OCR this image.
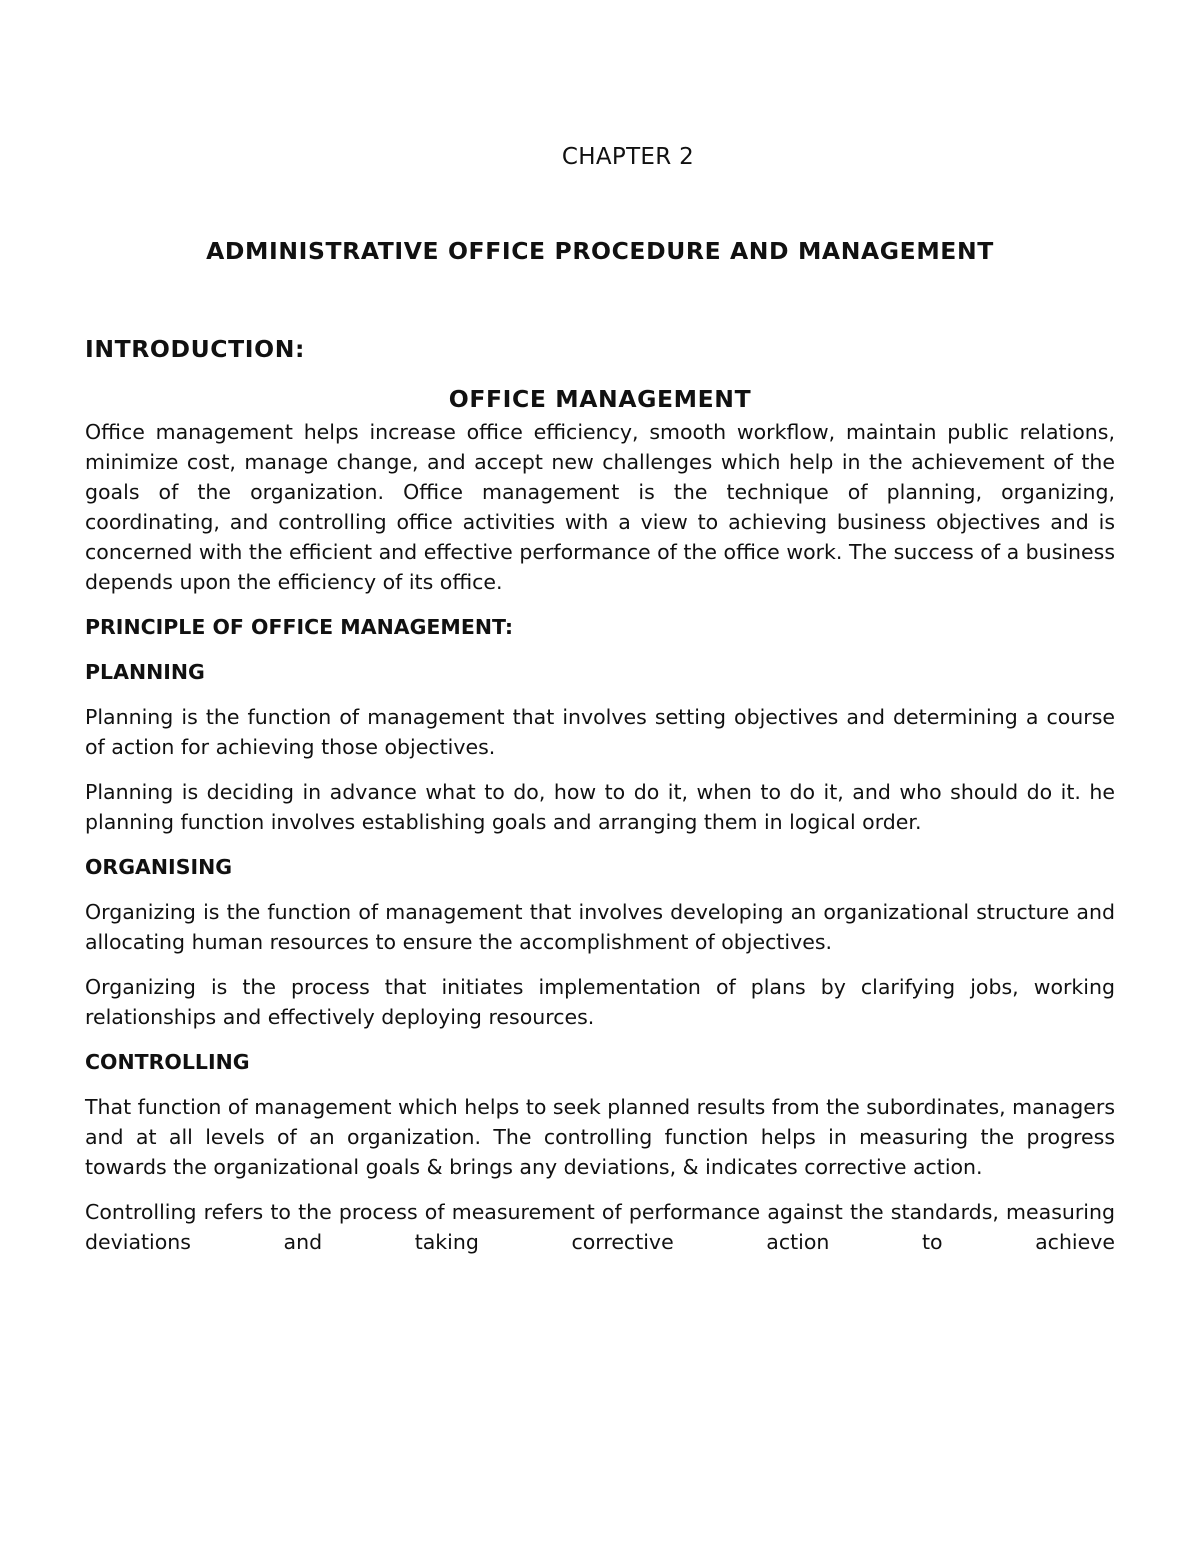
CHAPTER 2

ADMINISTRATIVE OFFICE PROCEDURE AND MANAGEMENT

INTRODUCTION:

OFFICE MANAGEMENT

Office management helps increase office efficiency, smooth workflow, maintain public relations, minimize cost, manage change, and accept new challenges which help in the achievement of the goals of the organization. Office management is the technique of planning, organizing, coordinating, and controlling office activities with a view to achieving business objectives and is concerned with the efficient and effective performance of the office work. The success of a business depends upon the efficiency of its office.

PRINCIPLE OF OFFICE MANAGEMENT:

PLANNING

Planning is the function of management that involves setting objectives and determining a course of action for achieving those objectives.

Planning is deciding in advance what to do, how to do it, when to do it, and who should do it. he planning function involves establishing goals and arranging them in logical order.

ORGANISING

Organizing is the function of management that involves developing an organizational structure and allocating human resources to ensure the accomplishment of objectives.

Organizing is the process that initiates implementation of plans by clarifying jobs, working relationships and effectively deploying resources.

CONTROLLING

That function of management which helps to seek planned results from the subordinates, managers and at all levels of an organization. The controlling function helps in measuring the progress towards the organizational goals & brings any deviations, & indicates corrective action.

Controlling refers to the process of measurement of performance against the standards, measuring deviations and taking corrective action to achieve
